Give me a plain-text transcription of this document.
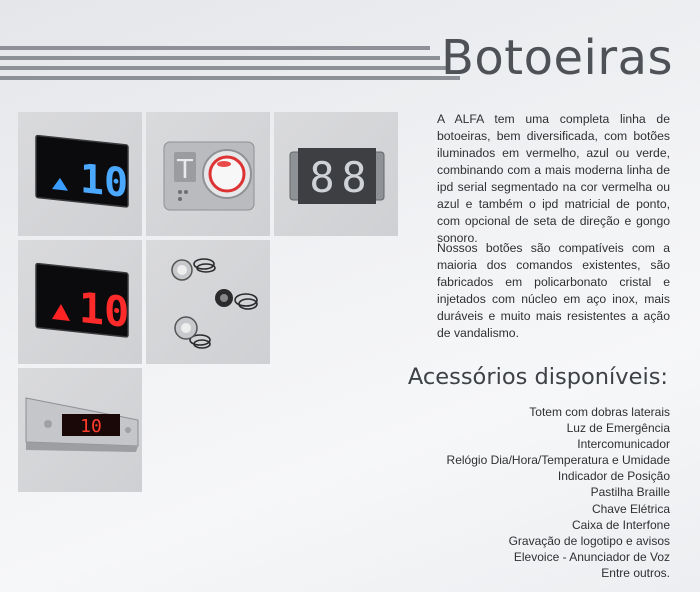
Botoeiras
10 T	8 8
10
10

A ALFA tem uma completa linha de botoeiras, bem diversificada, com botões iluminados em vermelho, azul ou verde, combinando com a mais moderna linha de ipd serial segmentado na cor vermelha ou azul e também o ipd matricial de ponto, com opcional de seta de direção e gongo sonoro.

Nossos botões são compatíveis com a maioria dos comandos existentes, são fabricados em policarbonato cristal e injetados com núcleo em aço inox, mais duráveis e muito mais resistentes a ação de vandalismo.

Acessórios disponíveis:
Totem com dobras laterais
Luz de Emergência
Intercomunicador
Relógio Dia/Hora/Temperatura e Umidade
Indicador de Posição
Pastilha Braille
Chave Elétrica
Caixa de Interfone
Gravação de logotipo e avisos
Elevoice - Anunciador de Voz
Entre outros.
